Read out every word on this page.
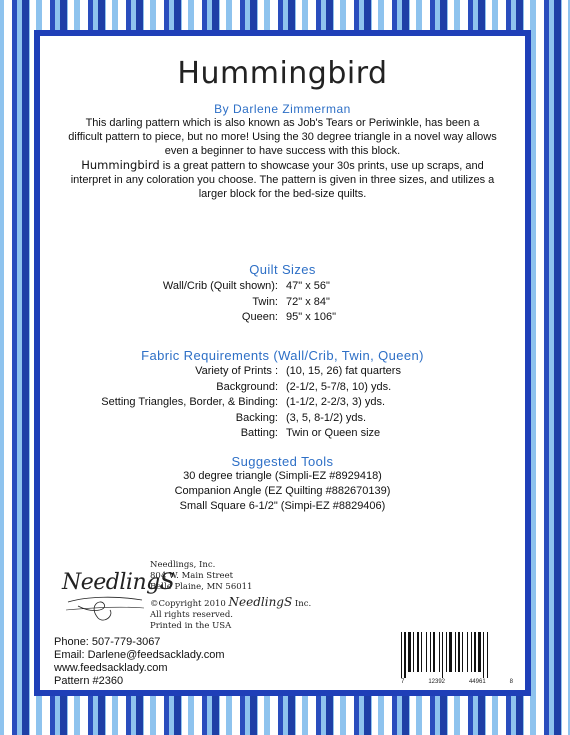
Hummingbird
By Darlene Zimmerman
This darling pattern which is also known as Job's Tears or Periwinkle, has been a
difficult pattern to piece, but no more! Using the 30 degree triangle in a novel way allows
even a beginner to have success with this block.
Hummingbird is a great pattern to showcase your 30s prints, use up scraps, and
interpret in any coloration you choose. The pattern is given in three sizes, and utilizes a
larger block for the bed-size quilts.
Quilt Sizes
Wall/Crib (Quilt shown): 47" x 56"
Twin: 72" x 84"
Queen: 95" x 106"
Fabric Requirements (Wall/Crib, Twin, Queen)
Variety of Prints : (10, 15, 26) fat quarters
Background: (2-1/2, 5-7/8, 10) yds.
Setting Triangles, Border, & Binding: (1-1/2, 2-2/3, 3) yds.
Backing: (3, 5, 8-1/2) yds.
Batting: Twin or Queen size
Suggested Tools
30 degree triangle (Simpli-EZ #8929418)
Companion Angle (EZ Quilting #882670139)
Small Square 6-1/2" (Simpi-EZ #8829406)
NeedlingS
Needlings, Inc.
804 W. Main Street
Belle Plaine, MN 56011
©Copyright 2010 NeedlingS Inc.
All rights reserved.
Printed in the USA
Phone: 507-779-3067
Email: Darlene@feedsacklady.com
www.feedsacklady.com
Pattern #2360	7	12392	44961	8
